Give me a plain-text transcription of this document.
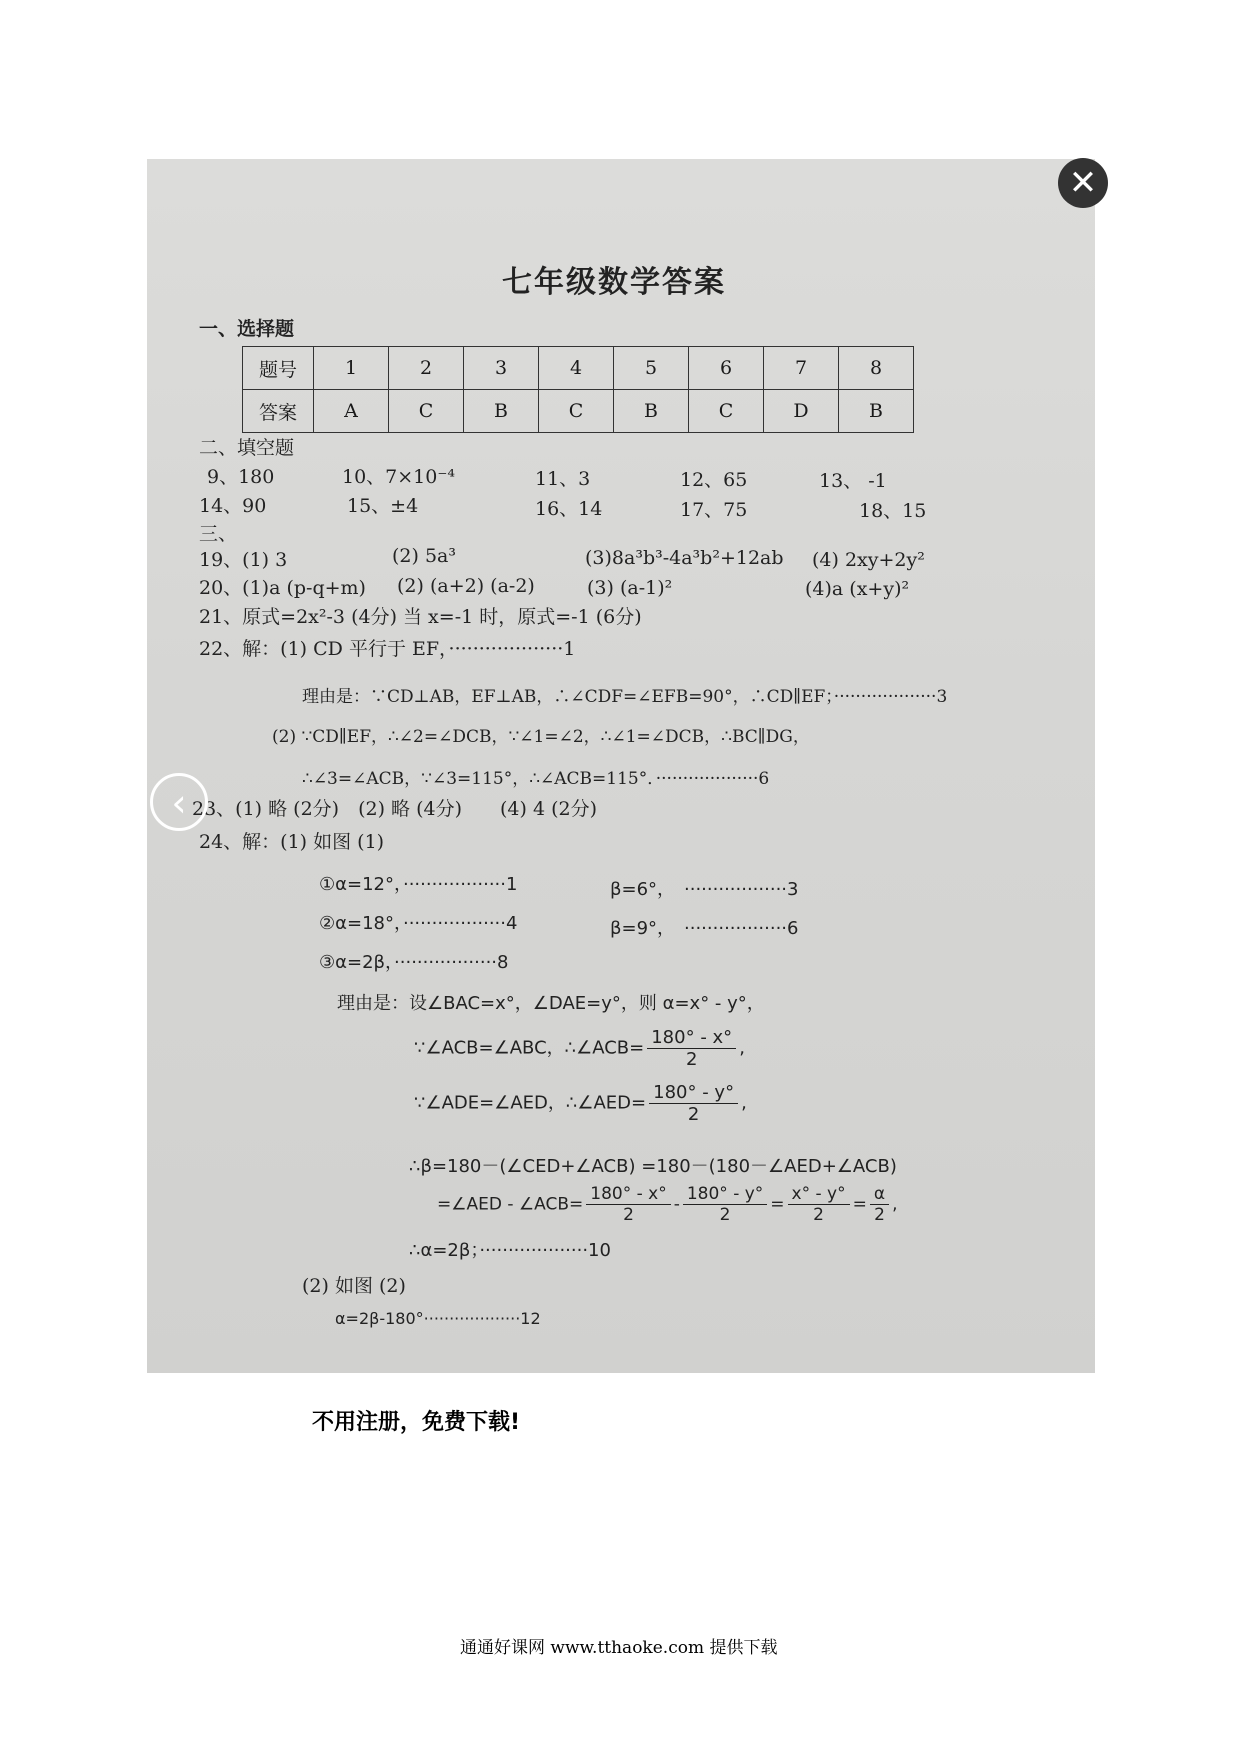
七年级数学答案
一、选择题
题号	1	2	3	4	5	6	7	8
答案	A	C	B	C	B	C	D	B
二、填空题
9、180	10、7×10⁻⁴	11、3	12、65	13、 -1
14、90	15、±4	16、14	17、75	18、15
三、
19、(1) 3	(2) 5a³	(3)8a³b³-4a³b²+12ab (4) 2xy+2y²
20、(1)a (p-q+m) (2) (a+2) (a-2)	(3) (a-1)²	(4)a (x+y)²
21、原式=2x²-3 (4分) 当 x=-1 时，原式=-1 (6分)
22、解：(1) CD 平行于 EF，···················1
理由是：∵CD⊥AB，EF⊥AB，∴∠CDF=∠EFB=90°，∴CD∥EF；···················3
(2) ∵CD∥EF，∴∠2=∠DCB，∵∠1=∠2，∴∠1=∠DCB，∴BC∥DG，
∴∠3=∠ACB，∵∠3=115°，∴∠ACB=115°．···················6
23、(1) 略 (2分)　(2) 略 (4分)　　(4) 4 (2分)
24、解：(1) 如图 (1)
①α=12°，··················1	β=6°，　··················3
②α=18°，··················4	β=9°，　··················6
③α=2β，··················8
理由是：设∠BAC=x°，∠DAE=y°，则 α=x° - y°，
∵∠ACB=∠ABC，∴∠ACB= $\frac{180^\circ - x^\circ}{2}$ ,
∵∠ADE=∠AED，∴∠AED= $\frac{180^\circ - y^\circ}{2}$ ,
∴β=180－(∠CED+∠ACB) =180－(180－∠AED+∠ACB)
=∠AED - ∠ACB= $\frac{180^\circ - x^\circ}{2} - \frac{180^\circ - y^\circ}{2} = \frac{x^\circ - y^\circ}{2} = \frac{\alpha}{2}$ ,
∴α=2β；···················10
(2) 如图 (2)
α=2β-180°···················12
✕
‹
不用注册，免费下载!
通通好课网 www.tthaoke.com 提供下载
